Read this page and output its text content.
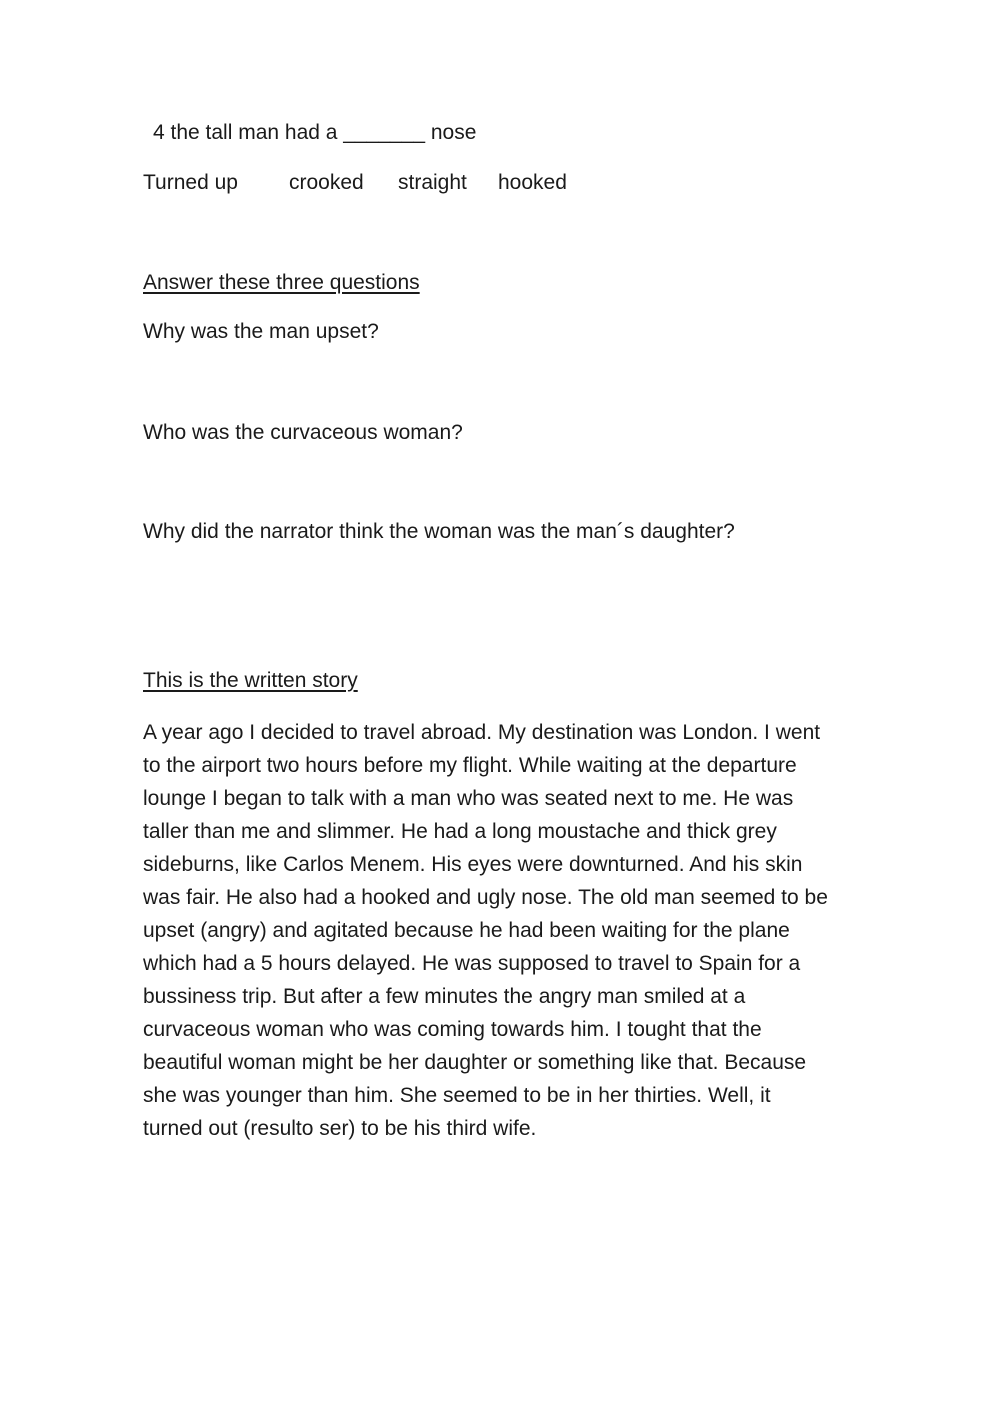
4 the tall man had a _______ nose
Turned up crooked straight hooked
Answer these three questions
Why was the man upset?
Who was the curvaceous woman?
Why did the narrator think the woman was the man´s daughter?
This is the written story
A year ago I decided to travel abroad. My destination was London. I went
to the airport two hours before my flight. While waiting at the departure
lounge I began to talk with a man who was seated next to me. He was
taller than me and slimmer. He had a long moustache and thick grey
sideburns, like Carlos Menem. His eyes were downturned. And his skin
was fair. He also had a hooked and ugly nose. The old man seemed to be
upset (angry) and agitated because he had been waiting for the plane
which had a 5 hours delayed. He was supposed to travel to Spain for a
bussiness trip. But after a few minutes the angry man smiled at a
curvaceous woman who was coming towards him. I tought that the
beautiful woman might be her daughter or something like that. Because
she was younger than him. She seemed to be in her thirties. Well, it
turned out (resulto ser) to be his third wife.
